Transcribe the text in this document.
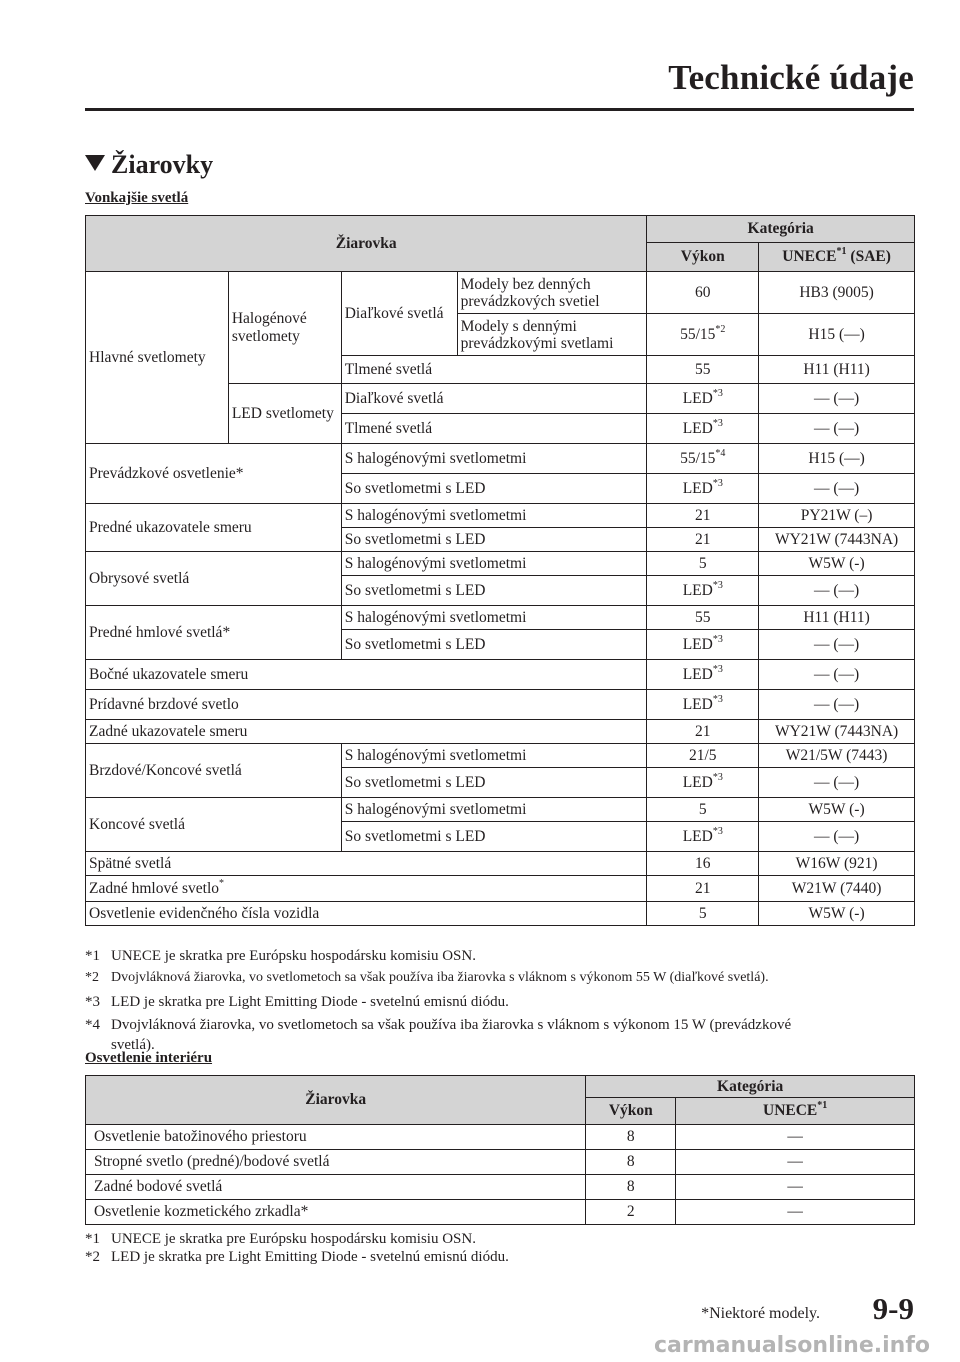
Technické údaje
Žiarovky
Vonkajšie svetlá
Žiarovka				Kategória	
				Výkon	UNECE$^{*1}$ (SAE)
Hlavné svetlomety	Halogénové svetlomety	Diaľkové svetlá	Modely bez denných prevádzkových svetiel	60	HB3 (9005)
			Modely s dennými prevádzkovými svetlami	55/15$^{*2}$	H15 (—)
		Tlmené svetlá		55	H11 (H11)
	LED svetlomety	Diaľkové svetlá		LED$^{*3}$	— (—)
		Tlmené svetlá		LED$^{*3}$	— (—)
Prevádzkové osvetlenie*		S halogénovými svetlometmi		55/15$^{*4}$	H15 (—)
		So svetlometmi s LED		LED$^{*3}$	— (—)
Predné ukazovatele smeru		S halogénovými svetlometmi		21	PY21W (–)
		So svetlometmi s LED		21	WY21W (7443NA)
Obrysové svetlá		S halogénovými svetlometmi		5	W5W (-)
		So svetlometmi s LED		LED$^{*3}$	— (—)
Predné hmlové svetlá*		S halogénovými svetlometmi		55	H11 (H11)
		So svetlometmi s LED		LED$^{*3}$	— (—)
Bočné ukazovatele smeru				LED$^{*3}$	— (—)
Prídavné brzdové svetlo				LED$^{*3}$	— (—)
Zadné ukazovatele smeru				21	WY21W (7443NA)
Brzdové/Koncové svetlá		S halogénovými svetlometmi		21/5	W21/5W (7443)
		So svetlometmi s LED		LED$^{*3}$	— (—)
Koncové svetlá		S halogénovými svetlometmi		5	W5W (-)
		So svetlometmi s LED		LED$^{*3}$	— (—)
Spätné svetlá				16	W16W (921)
Zadné hmlové svetlo*				21	W21W (7440)
Osvetlenie evidenčného čísla vozidla				5	W5W (-)
*1 UNECE je skratka pre Európsku hospodársku komisiu OSN.
*2 Dvojvláknová žiarovka, vo svetlometoch sa však používa iba žiarovka s vláknom s výkonom 55 W (diaľkové svetlá).
*3 LED je skratka pre Light Emitting Diode - svetelnú emisnú diódu.
*4 Dvojvláknová žiarovka, vo svetlometoch sa však používa iba žiarovka s vláknom s výkonom 15 W (prevádzkové svetlá).
Osvetlenie interiéru
Žiarovka	Kategória	
	Výkon	UNECE$^{*1}$
Osvetlenie batožinového priestoru	8	—
Stropné svetlo (predné)/bodové svetlá	8	—
Zadné bodové svetlá	8	—
Osvetlenie kozmetického zrkadla*	2	—
*1 UNECE je skratka pre Európsku hospodársku komisiu OSN.
*2 LED je skratka pre Light Emitting Diode - svetelnú emisnú diódu.
*Niektoré modely. 9-9
carmanualsonline.info
